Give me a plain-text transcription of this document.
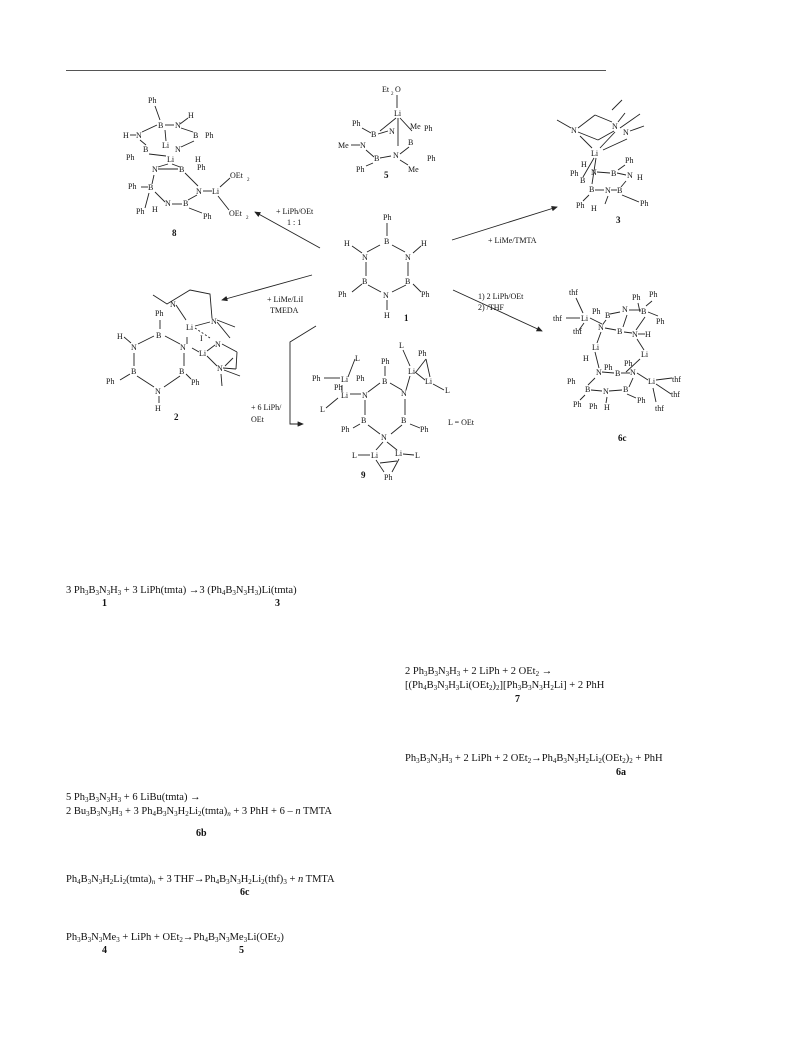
Ph
B
N	N
H	H
B	B
N
H
Ph	Ph
1
Et
2
O
Li
Ph
B N
Me N
Me Ph
B
B N
Ph	Me
Ph
5
Ph
B N
H
H N	B Ph
B	N
Li
Ph	Li	H
N	B Ph
Ph B	N Li
OEt
2
OEt
2
N B
Ph H
Ph
8
N	N
N
Li
H
N B N H
Ph
Ph
B
B N B
Ph H
Ph
3
N
N
Li
Ph
H	B
N	N
I
Li
N
N
B	B
Ph	Ph
N
H
2
thf
thf
thf
Li
Ph B
N B
N
Ph Ph
B
Ph
N H
Li
Li
H
Ph Ph
N B N
Li thf
thf
thf
Ph
B N B
Ph Ph H
Ph
6c
Ph
B
L
Ph
L
Ph
Ph
Ph
L
Li
Li N	N
Li
Li
L
B	B
Ph	Ph
N
L = OEt
L Li Li L
Ph
9
+ LiPh/OEt
1 : 1
+ LiMe/TMTA
+ LiMe/LiI
TMEDA
1) 2 LiPh/OEt
2) /THF
+ 6 LiPh/
OEt
3 $Ph_3B_3N_3H_3 + 3$ LiPh(tmta) →3 $(Ph_4B_3N_3H_3)Li(tmta)$
1	3
2 $Ph_3B_3N_3H_3 + 2$ LiPh + 2 OEt$_2$ →
[$(Ph_4B_3N_3H_3Li(OEt_2)_2][Ph_3B_3N_3H_2Li] + 2$ PhH
7
$Ph_3B_3N_3H_3 + 2$ LiPh + 2 $OEt_2\to Ph_4B_3N_3H_2Li_2(OEt_2)_2$ + PhH
6a
5 $Ph_3B_3N_3H_3 + 6$ LiBu(tmta) →
2 $Bu_3B_3N_3H_3 + 3$ $Ph_4B_3N_3H_2Li_2(tmta)_n + 3$ PhH + 6 – n TMTA
6b
$Ph_4B_3N_3H_2Li_2(tmta)_n + 3$ $THF\to Ph_4B_3N_3H_2Li_2(thf)_3 + n$ TMTA
6c
$Ph_3B_3N_3Me_3$ + LiPh + $OEt_2\to Ph_4B_3N_3Me_3Li(OEt_2)$
4	5
